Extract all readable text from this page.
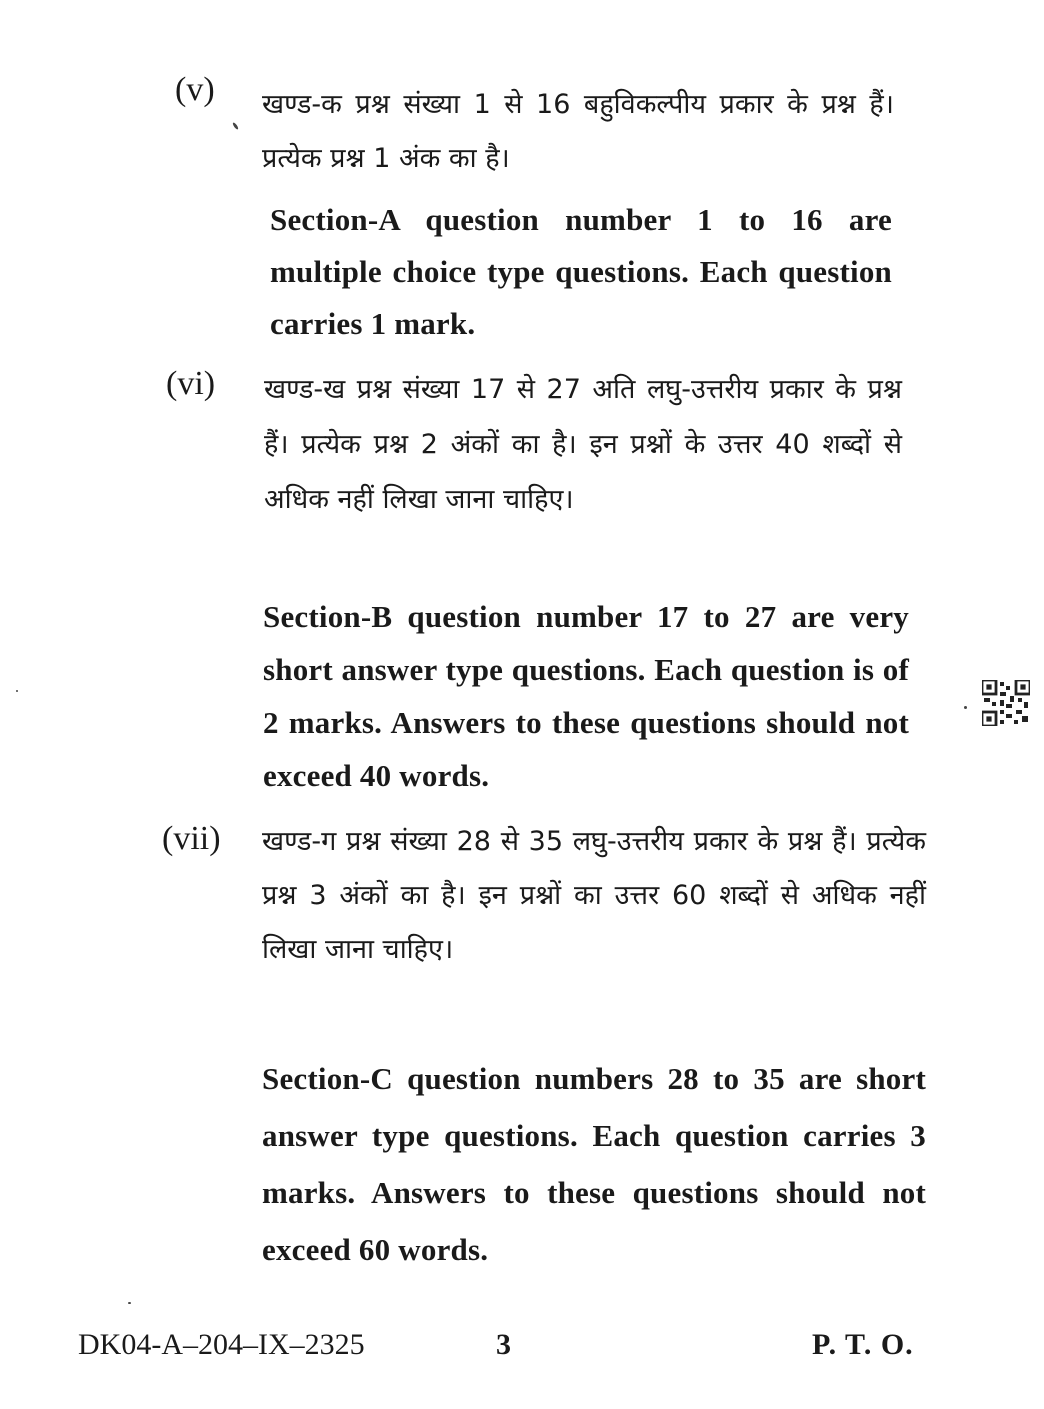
(v) खण्ड-क प्रश्न संख्या 1 से 16 बहुविकल्पीय प्रकार के प्रश्न हैं। प्रत्येक प्रश्न 1 अंक का है।
Section-A question number 1 to 16 are multiple choice type questions. Each question carries 1 mark.
(vi) खण्ड-ख प्रश्न संख्या 17 से 27 अति लघु-उत्तरीय प्रकार के प्रश्न हैं। प्रत्येक प्रश्न 2 अंकों का है। इन प्रश्नों के उत्तर 40 शब्दों से अधिक नहीं लिखा जाना चाहिए।
Section-B question number 17 to 27 are very short answer type questions. Each question is of 2 marks. Answers to these questions should not exceed 40 words.
(vii) खण्ड-ग प्रश्न संख्या 28 से 35 लघु-उत्तरीय प्रकार के प्रश्न हैं। प्रत्येक प्रश्न 3 अंकों का है। इन प्रश्नों का उत्तर 60 शब्दों से अधिक नहीं लिखा जाना चाहिए।
Section-C question numbers 28 to 35 are short answer type questions. Each question carries 3 marks. Answers to these questions should not exceed 60 words.
DK04-A–204–IX–2325	3	P. T. O.
